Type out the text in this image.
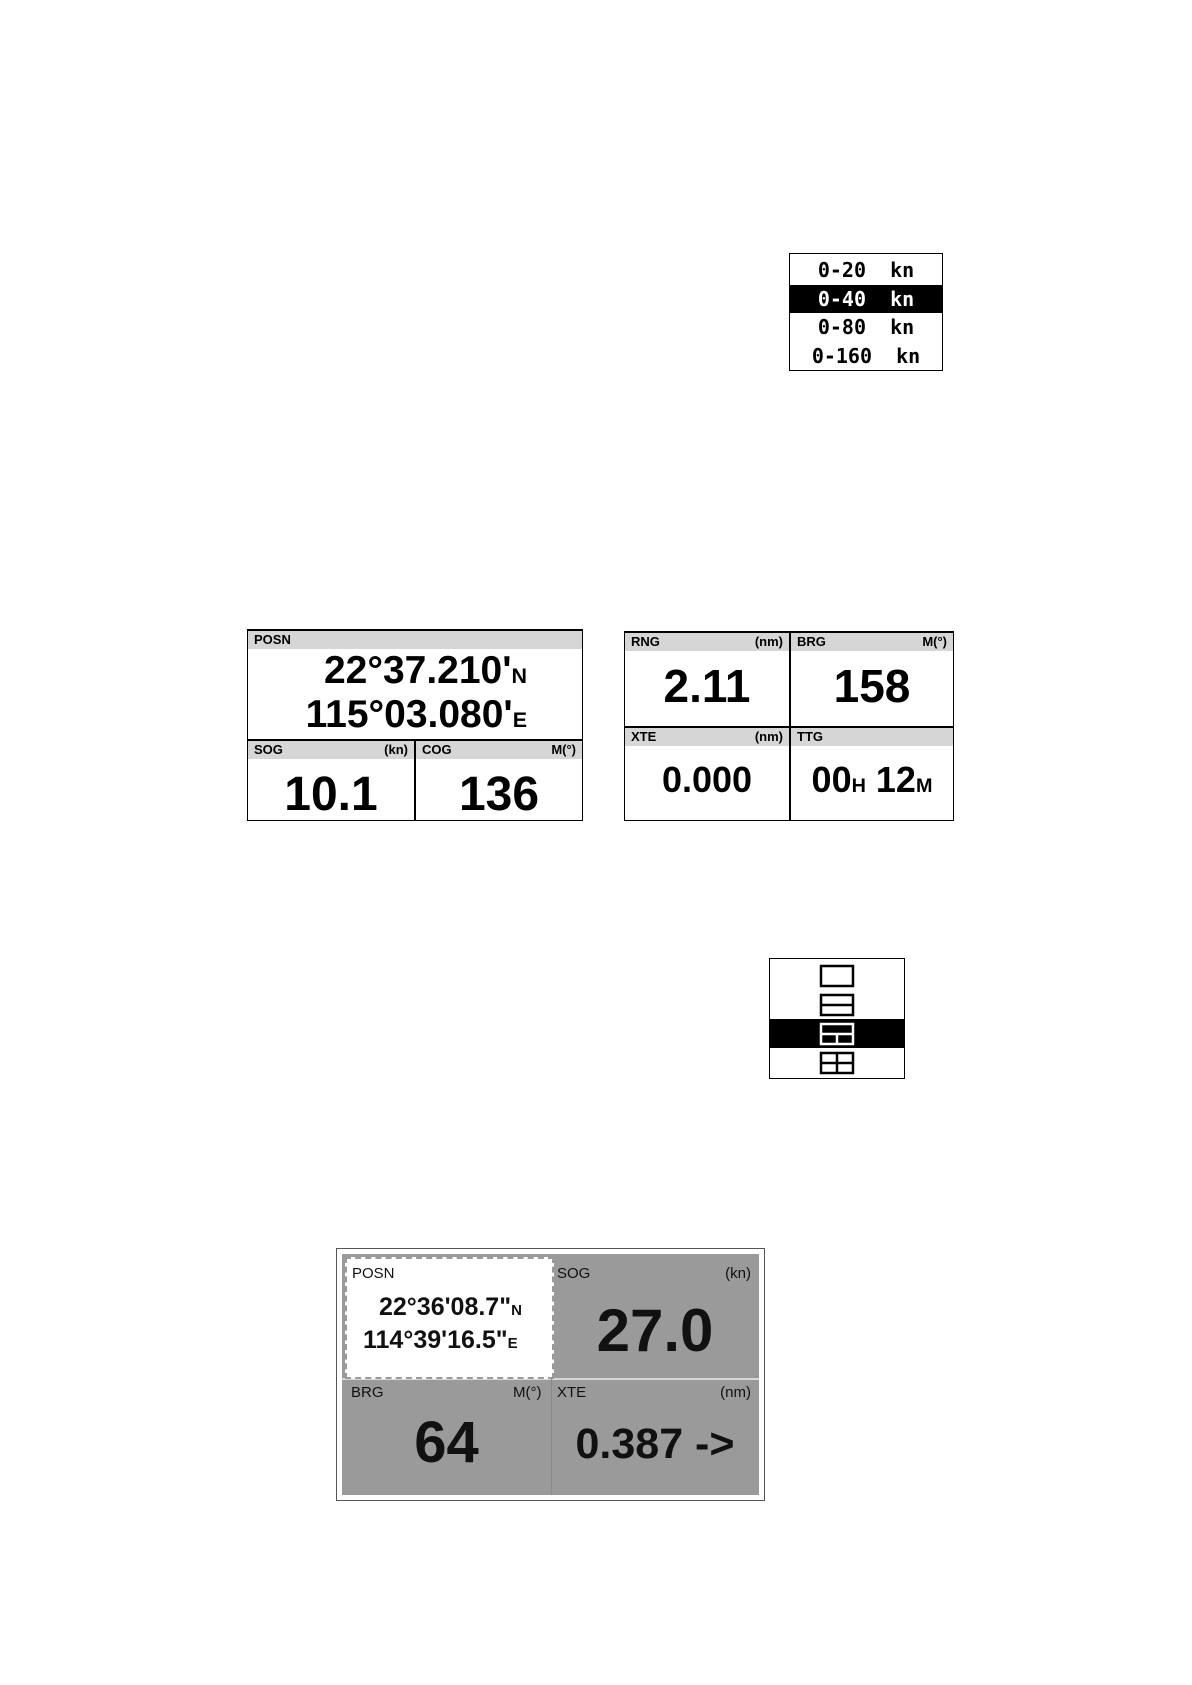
0-20  kn
0-40  kn
0-80  kn
0-160  kn
POSN
22°37.210'N
115°03.080'E
SOG	(kn)
10.1
COG	M(°)
136
RNG	(nm)
2.11
BRG	M(°)
158
XTE	(nm)
0.000
TTG
00H 12M
POSN
22°36'08.7"N
114°39'16.5"E
SOG	(kn)
27.0
BRG	M(°)
64
XTE	(nm)
0.387 ->
